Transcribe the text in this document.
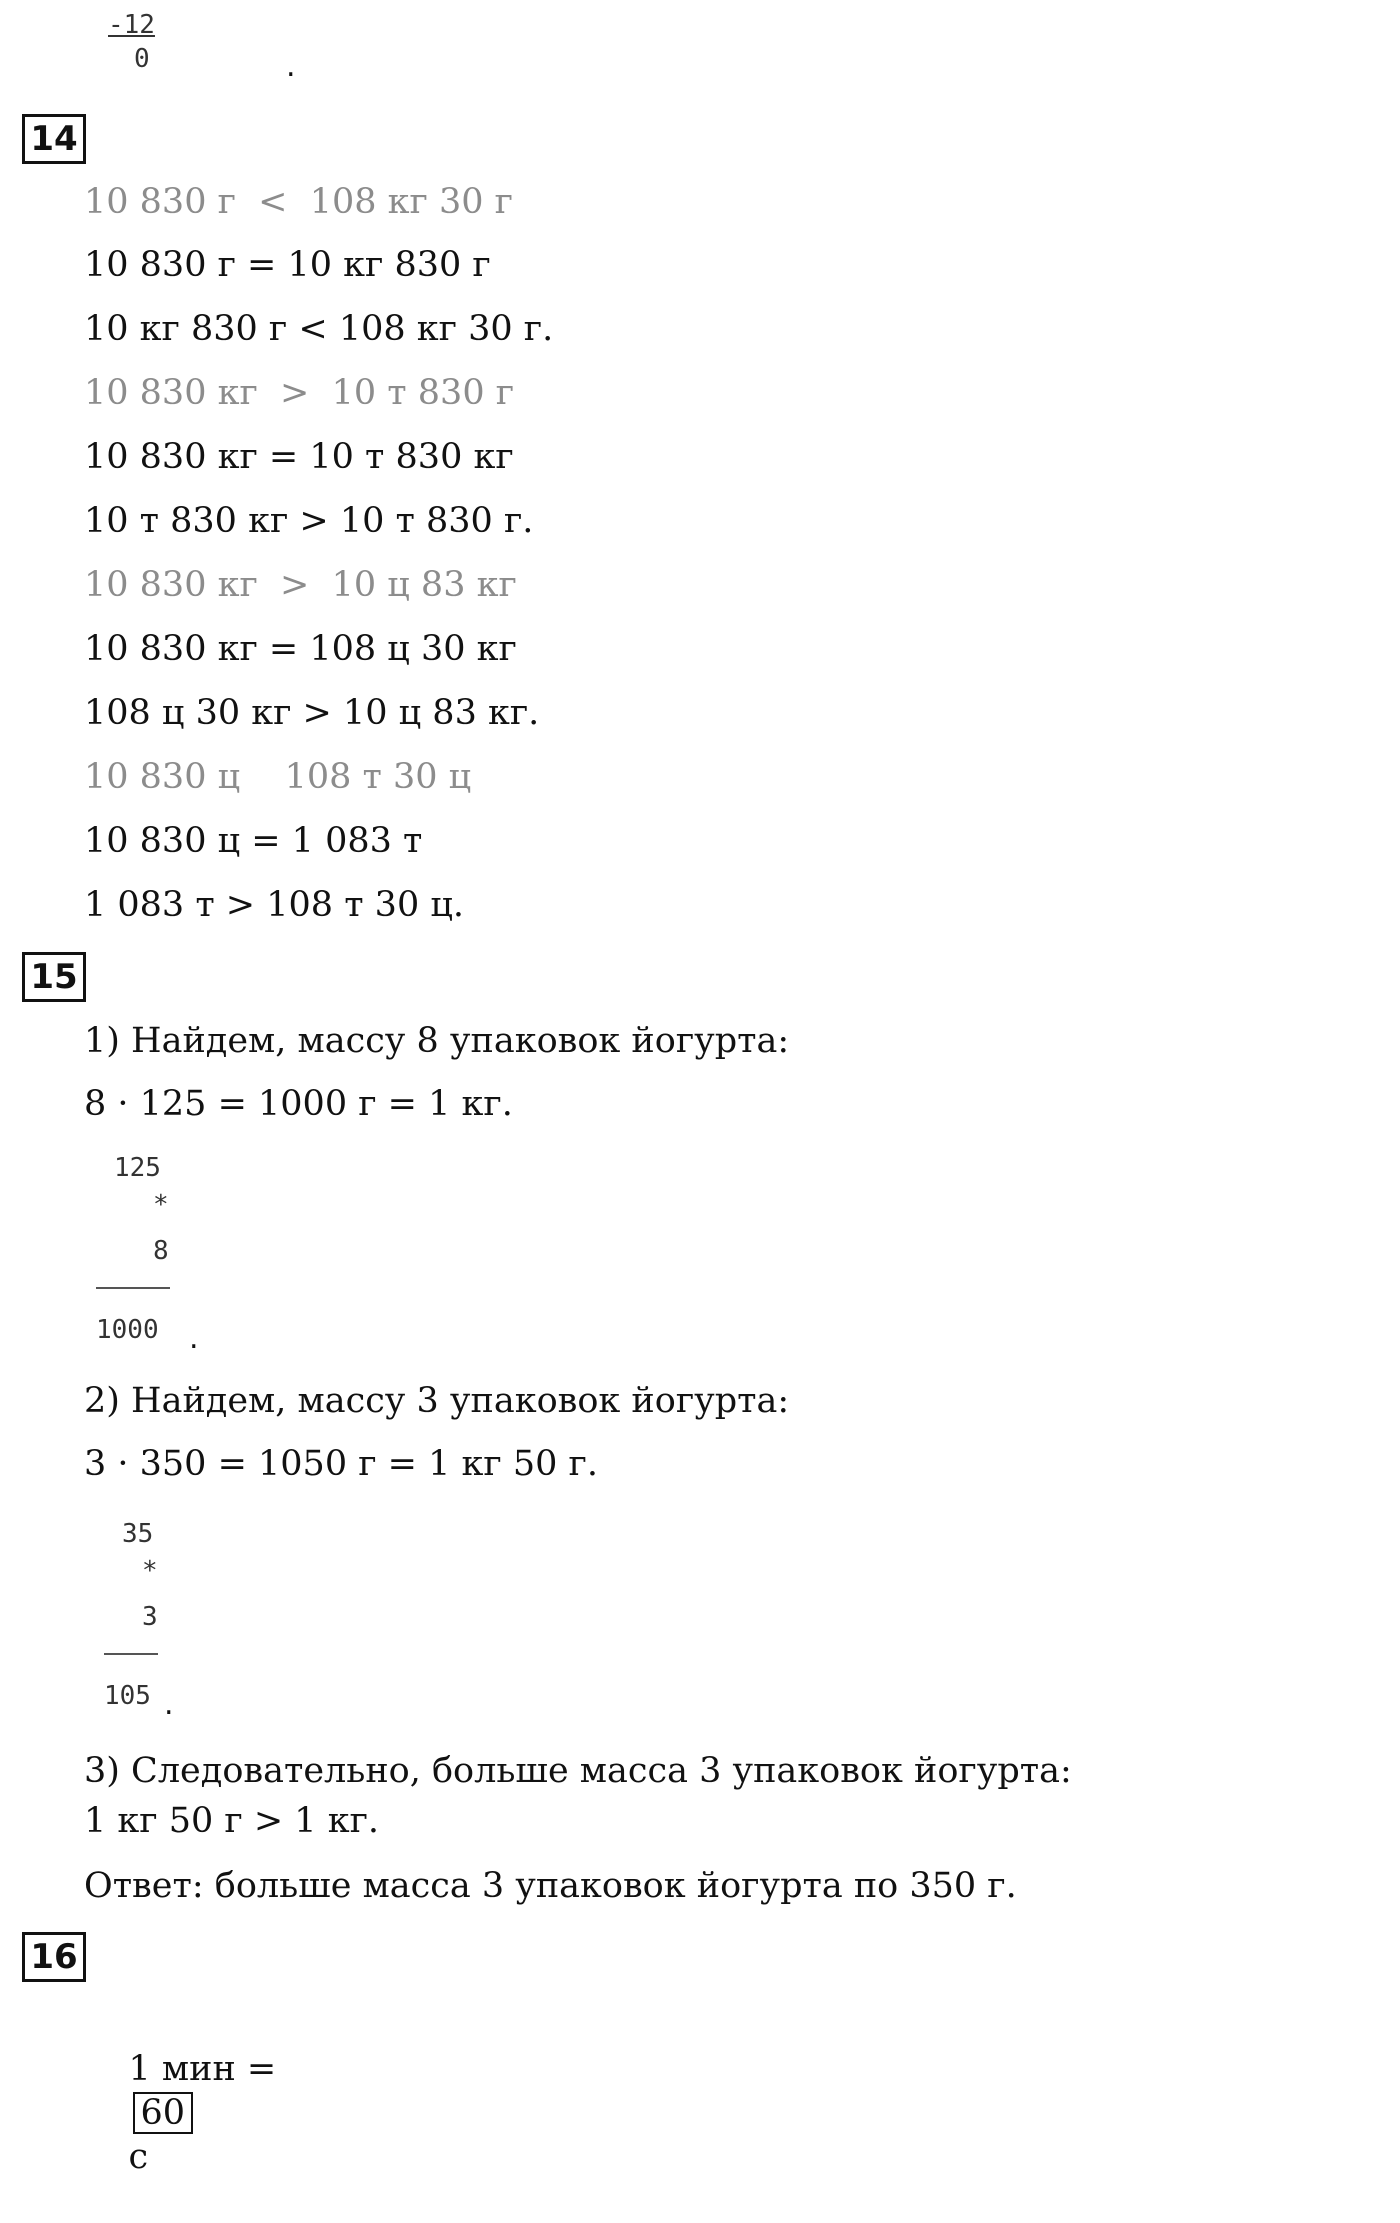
-12
0	.
14
10 830 г  <  108 кг 30 г
10 830 г = 10 кг 830 г
10 кг 830 г < 108 кг 30 г.
10 830 кг  >  10 т 830 г
10 830 кг = 10 т 830 кг
10 т 830 кг > 10 т 830 г.
10 830 кг  >  10 ц 83 кг
10 830 кг = 108 ц 30 кг
108 ц 30 кг > 10 ц 83 кг.
10 830 ц    108 т 30 ц
10 830 ц = 1 083 т
1 083 т > 108 т 30 ц.
15
1) Найдем, массу 8 упаковок йогурта:
8 · 125 = 1000 г = 1 кг.
125
*
8
1000 .
2) Найдем, массу 3 упаковок йогурта:
3 · 350 = 1050 г = 1 кг 50 г.
35
*
3
105 .
3) Следовательно, больше масса 3 упаковок йогурта:
1 кг 50 г > 1 кг.
Ответ: больше масса 3 упаковок йогурта по 350 г.
16

1 мин =
60
с
